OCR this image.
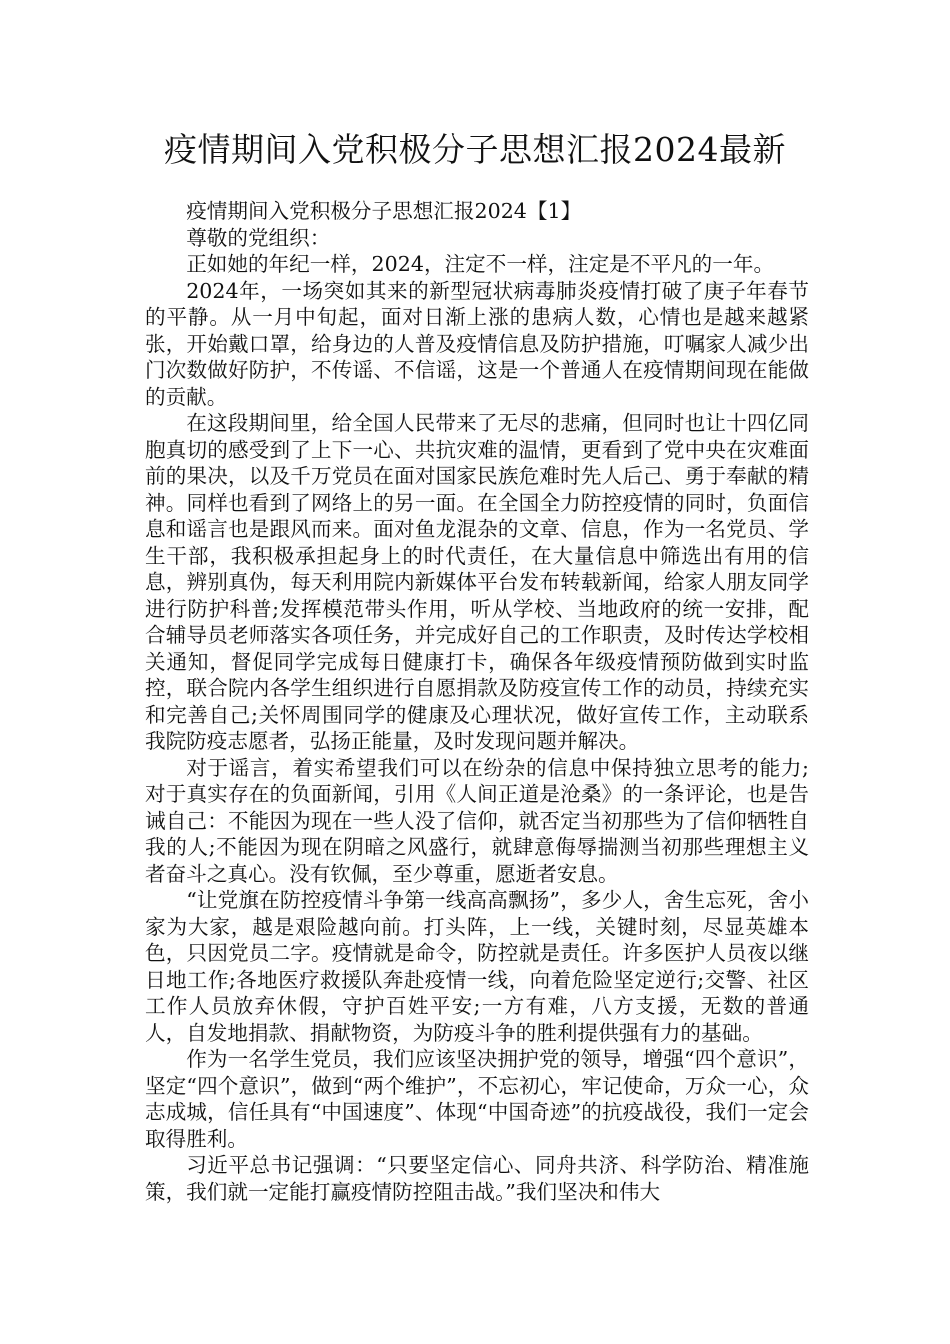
疫情期间入党积极分子思想汇报2024最新

疫情期间入党积极分子思想汇报2024【1】

尊敬的党组织：

正如她的年纪一样，2024，注定不一样，注定是不平凡的一年。

2024年，一场突如其来的新型冠状病毒肺炎疫情打破了庚子年春节的平静。从一月中旬起，面对日渐上涨的患病人数，心情也是越来越紧张，开始戴口罩，给身边的人普及疫情信息及防护措施，叮嘱家人减少出门次数做好防护，不传谣、不信谣，这是一个普通人在疫情期间现在能做的贡献。

在这段期间里，给全国人民带来了无尽的悲痛，但同时也让十四亿同胞真切的感受到了上下一心、共抗灾难的温情，更看到了党中央在灾难面前的果决，以及千万党员在面对国家民族危难时先人后己、勇于奉献的精神。同样也看到了网络上的另一面。在全国全力防控疫情的同时，负面信息和谣言也是跟风而来。面对鱼龙混杂的文章、信息，作为一名党员、学生干部，我积极承担起身上的时代责任，在大量信息中筛选出有用的信息，辨别真伪，每天利用院内新媒体平台发布转载新闻，给家人朋友同学进行防护科普;发挥模范带头作用，听从学校、当地政府的统一安排，配合辅导员老师落实各项任务，并完成好自己的工作职责，及时传达学校相关通知，督促同学完成每日健康打卡，确保各年级疫情预防做到实时监控，联合院内各学生组织进行自愿捐款及防疫宣传工作的动员，持续充实和完善自己;关怀周围同学的健康及心理状况，做好宣传工作，主动联系我院防疫志愿者，弘扬正能量，及时发现问题并解决。

对于谣言，着实希望我们可以在纷杂的信息中保持独立思考的能力;对于真实存在的负面新闻，引用《人间正道是沧桑》的一条评论，也是告诫自己：不能因为现在一些人没了信仰，就否定当初那些为了信仰牺牲自我的人;不能因为现在阴暗之风盛行，就肆意侮辱揣测当初那些理想主义者奋斗之真心。没有钦佩，至少尊重，愿逝者安息。

“让党旗在防控疫情斗争第一线高高飘扬”，多少人，舍生忘死，舍小家为大家，越是艰险越向前。打头阵，上一线，关键时刻，尽显英雄本色，只因党员二字。疫情就是命令，防控就是责任。许多医护人员夜以继日地工作;各地医疗救援队奔赴疫情一线，向着危险坚定逆行;交警、社区工作人员放弃休假，守护百姓平安;一方有难，八方支援，无数的普通人，自发地捐款、捐献物资，为防疫斗争的胜利提供强有力的基础。

作为一名学生党员，我们应该坚决拥护党的领导，增强“四个意识”，坚定“四个意识”，做到“两个维护”，不忘初心，牢记使命，万众一心，众志成城，信任具有“中国速度”、体现“中国奇迹”的抗疫战役，我们一定会取得胜利。

习近平总书记强调：“只要坚定信心、同舟共济、科学防治、精准施策，我们就一定能打赢疫情防控阻击战。”我们坚决和伟大
